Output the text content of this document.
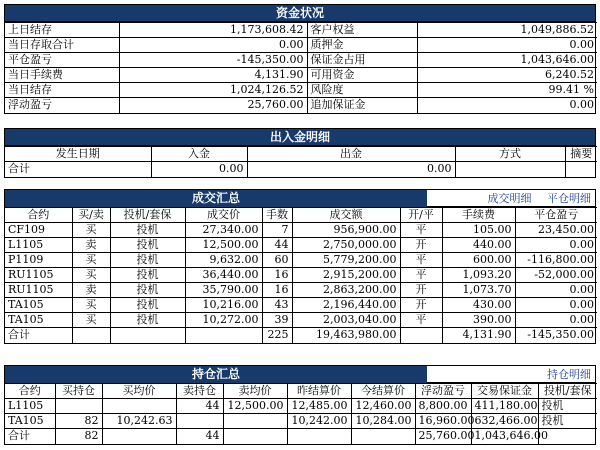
资金状况
上日结存	1,173,608.42	客户权益	1,049,886.52
当日存取合计	0.00	质押金	0.00
平仓盈亏	-145,350.00	保证金占用	1,043,646.00
当日手续费	4,131.90	可用资金	6,240.52
当日结存	1,024,126.52	风险度	99.41 %
浮动盈亏	25,760.00	追加保证金	0.00
出入金明细
发生日期	入金	出金	方式	摘要
合计	0.00	0.00		
成交汇总	成交明细 平仓明细
合约	买/卖	投机/套保	成交价	手数	成交额	开/平	手续费	平仓盈亏
CF109	买	投机	27,340.00	7	956,900.00	平	105.00	23,450.00
L1105	卖	投机	12,500.00	44	2,750,000.00	开	440.00	0.00
P1109	买	投机	9,632.00	60	5,779,200.00	平	600.00	-116,800.00
RU1105	买	投机	36,440.00	16	2,915,200.00	平	1,093.20	-52,000.00
RU1105	卖	投机	35,790.00	16	2,863,200.00	开	1,073.70	0.00
TA105	买	投机	10,216.00	43	2,196,440.00	开	430.00	0.00
TA105	买	投机	10,272.00	39	2,003,040.00	平	390.00	0.00
合计				225	19,463,980.00		4,131.90	-145,350.00
持仓汇总	持仓明细
合约	买持仓	买均价	卖持仓	卖均价	昨结算价	今结算价	浮动盈亏	交易保证金	投机/套保
L1105			44	12,500.00	12,485.00	12,460.00	8,800.00	411,180.00	投机
TA105	82	10,242.63			10,242.00	10,284.00	16,960.00	632,466.00	投机
合计	82		44				25,760.00	1,043,646.00	
